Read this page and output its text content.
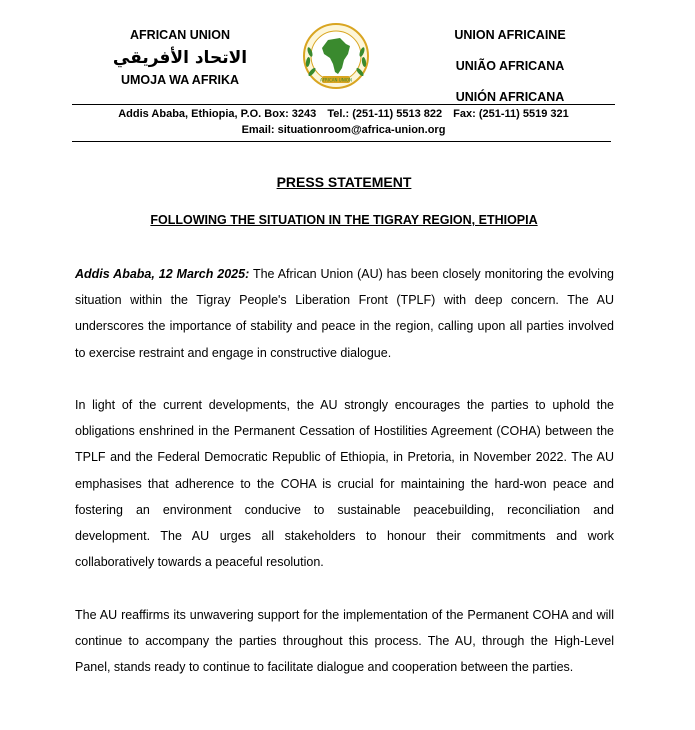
AFRICAN UNION
الاتحاد الأفريقي
UMOJA WA AFRIKA	AFRICAN UNION
UNION AFRICAINE
UNIÃO AFRICANA
UNIÓN AFRICANA
Addis Ababa, Ethiopia, P.O. Box: 3243 Tel.: (251-11) 5513 822 Fax: (251-11) 5519 321
Email: situationroom@africa-union.org
PRESS STATEMENT
FOLLOWING THE SITUATION IN THE TIGRAY REGION, ETHIOPIA

Addis Ababa, 12 March 2025: The African Union (AU) has been closely monitoring the evolving situation within the Tigray People's Liberation Front (TPLF) with deep concern. The AU underscores the importance of stability and peace in the region, calling upon all parties involved to exercise restraint and engage in constructive dialogue.

In light of the current developments, the AU strongly encourages the parties to uphold the obligations enshrined in the Permanent Cessation of Hostilities Agreement (COHA) between the TPLF and the Federal Democratic Republic of Ethiopia, in Pretoria, in November 2022. The AU emphasises that adherence to the COHA is crucial for maintaining the hard-won peace and fostering an environment conducive to sustainable peacebuilding, reconciliation and development. The AU urges all stakeholders to honour their commitments and work collaboratively towards a peaceful resolution.

The AU reaffirms its unwavering support for the implementation of the Permanent COHA and will continue to accompany the parties throughout this process. The AU, through the High-Level Panel, stands ready to continue to facilitate dialogue and cooperation between the parties.
